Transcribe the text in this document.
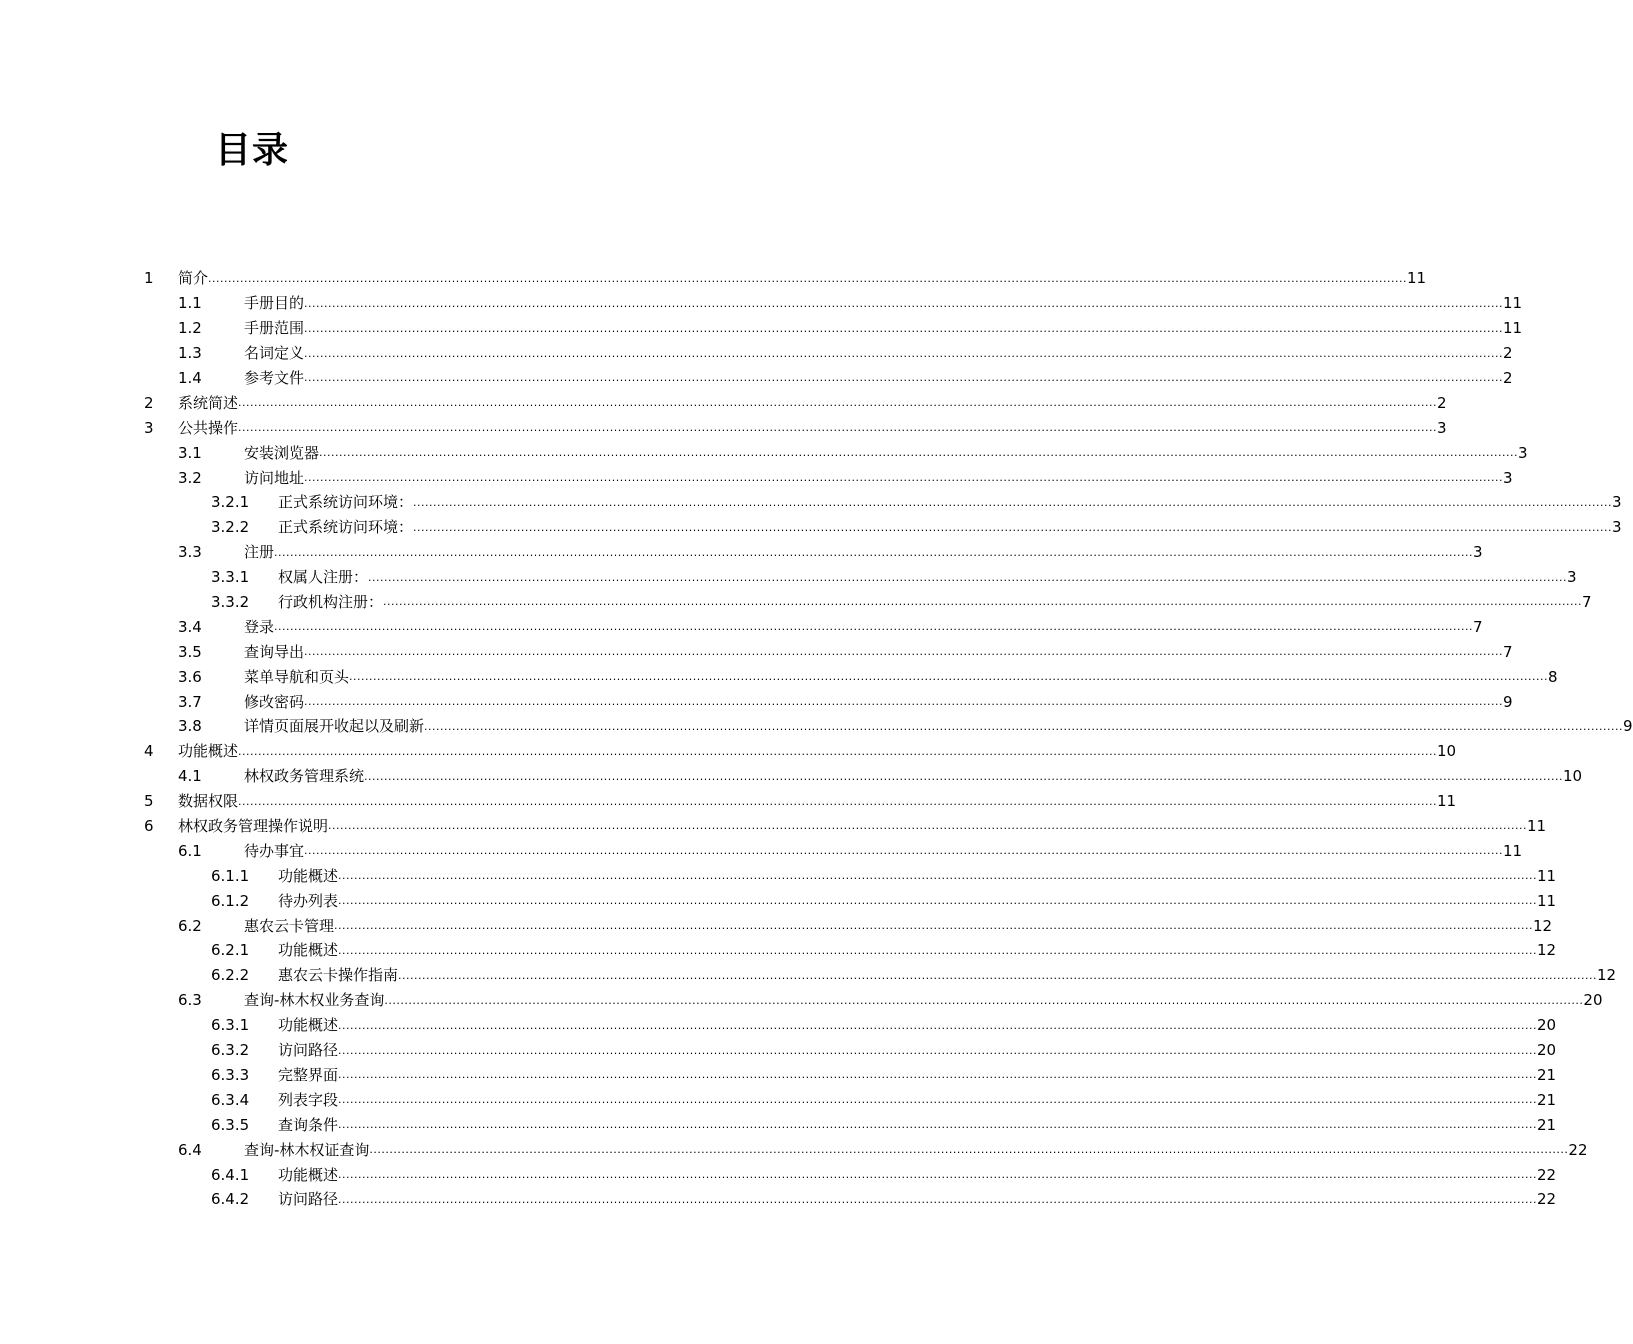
目录
1	简介 ............................................................................................................................................................................................................................................................................................................ 11
1.1	手册目的 ............................................................................................................................................................................................................................................................................................................ 11
1.2	手册范围 ............................................................................................................................................................................................................................................................................................................ 11
1.3	名词定义 ............................................................................................................................................................................................................................................................................................................ 2
1.4	参考文件 ............................................................................................................................................................................................................................................................................................................ 2
2	系统简述 ............................................................................................................................................................................................................................................................................................................ 2
3	公共操作 ............................................................................................................................................................................................................................................................................................................ 3
3.1	安装浏览器 ............................................................................................................................................................................................................................................................................................................ 3
3.2	访问地址 ............................................................................................................................................................................................................................................................................................................ 3
3.2.1	正式系统访问环境： ............................................................................................................................................................................................................................................................................................................ 3
3.2.2	正式系统访问环境： ............................................................................................................................................................................................................................................................................................................ 3
3.3	注册 ............................................................................................................................................................................................................................................................................................................ 3
3.3.1	权属人注册： ............................................................................................................................................................................................................................................................................................................ 3
3.3.2	行政机构注册： ............................................................................................................................................................................................................................................................................................................ 7
3.4	登录 ............................................................................................................................................................................................................................................................................................................ 7
3.5	查询导出 ............................................................................................................................................................................................................................................................................................................ 7
3.6	菜单导航和页头 ............................................................................................................................................................................................................................................................................................................ 8
3.7	修改密码 ............................................................................................................................................................................................................................................................................................................ 9
3.8	详情页面展开收起以及刷新 ............................................................................................................................................................................................................................................................................................................ 9
4	功能概述 ............................................................................................................................................................................................................................................................................................................ 10
4.1	林权政务管理系统 ............................................................................................................................................................................................................................................................................................................ 10
5	数据权限 ............................................................................................................................................................................................................................................................................................................ 11
6	林权政务管理操作说明 ............................................................................................................................................................................................................................................................................................................ 11
6.1	待办事宜 ............................................................................................................................................................................................................................................................................................................ 11
6.1.1	功能概述 ............................................................................................................................................................................................................................................................................................................ 11
6.1.2	待办列表 ............................................................................................................................................................................................................................................................................................................ 11
6.2	惠农云卡管理 ............................................................................................................................................................................................................................................................................................................ 12
6.2.1	功能概述 ............................................................................................................................................................................................................................................................................................................ 12
6.2.2	惠农云卡操作指南 ............................................................................................................................................................................................................................................................................................................ 12
6.3	查询-林木权业务查询 ............................................................................................................................................................................................................................................................................................................ 20
6.3.1	功能概述 ............................................................................................................................................................................................................................................................................................................ 20
6.3.2	访问路径 ............................................................................................................................................................................................................................................................................................................ 20
6.3.3	完整界面 ............................................................................................................................................................................................................................................................................................................ 21
6.3.4	列表字段 ............................................................................................................................................................................................................................................................................................................ 21
6.3.5	查询条件 ............................................................................................................................................................................................................................................................................................................ 21
6.4	查询-林木权证查询 ............................................................................................................................................................................................................................................................................................................ 22
6.4.1	功能概述 ............................................................................................................................................................................................................................................................................................................ 22
6.4.2	访问路径 ............................................................................................................................................................................................................................................................................................................ 22
